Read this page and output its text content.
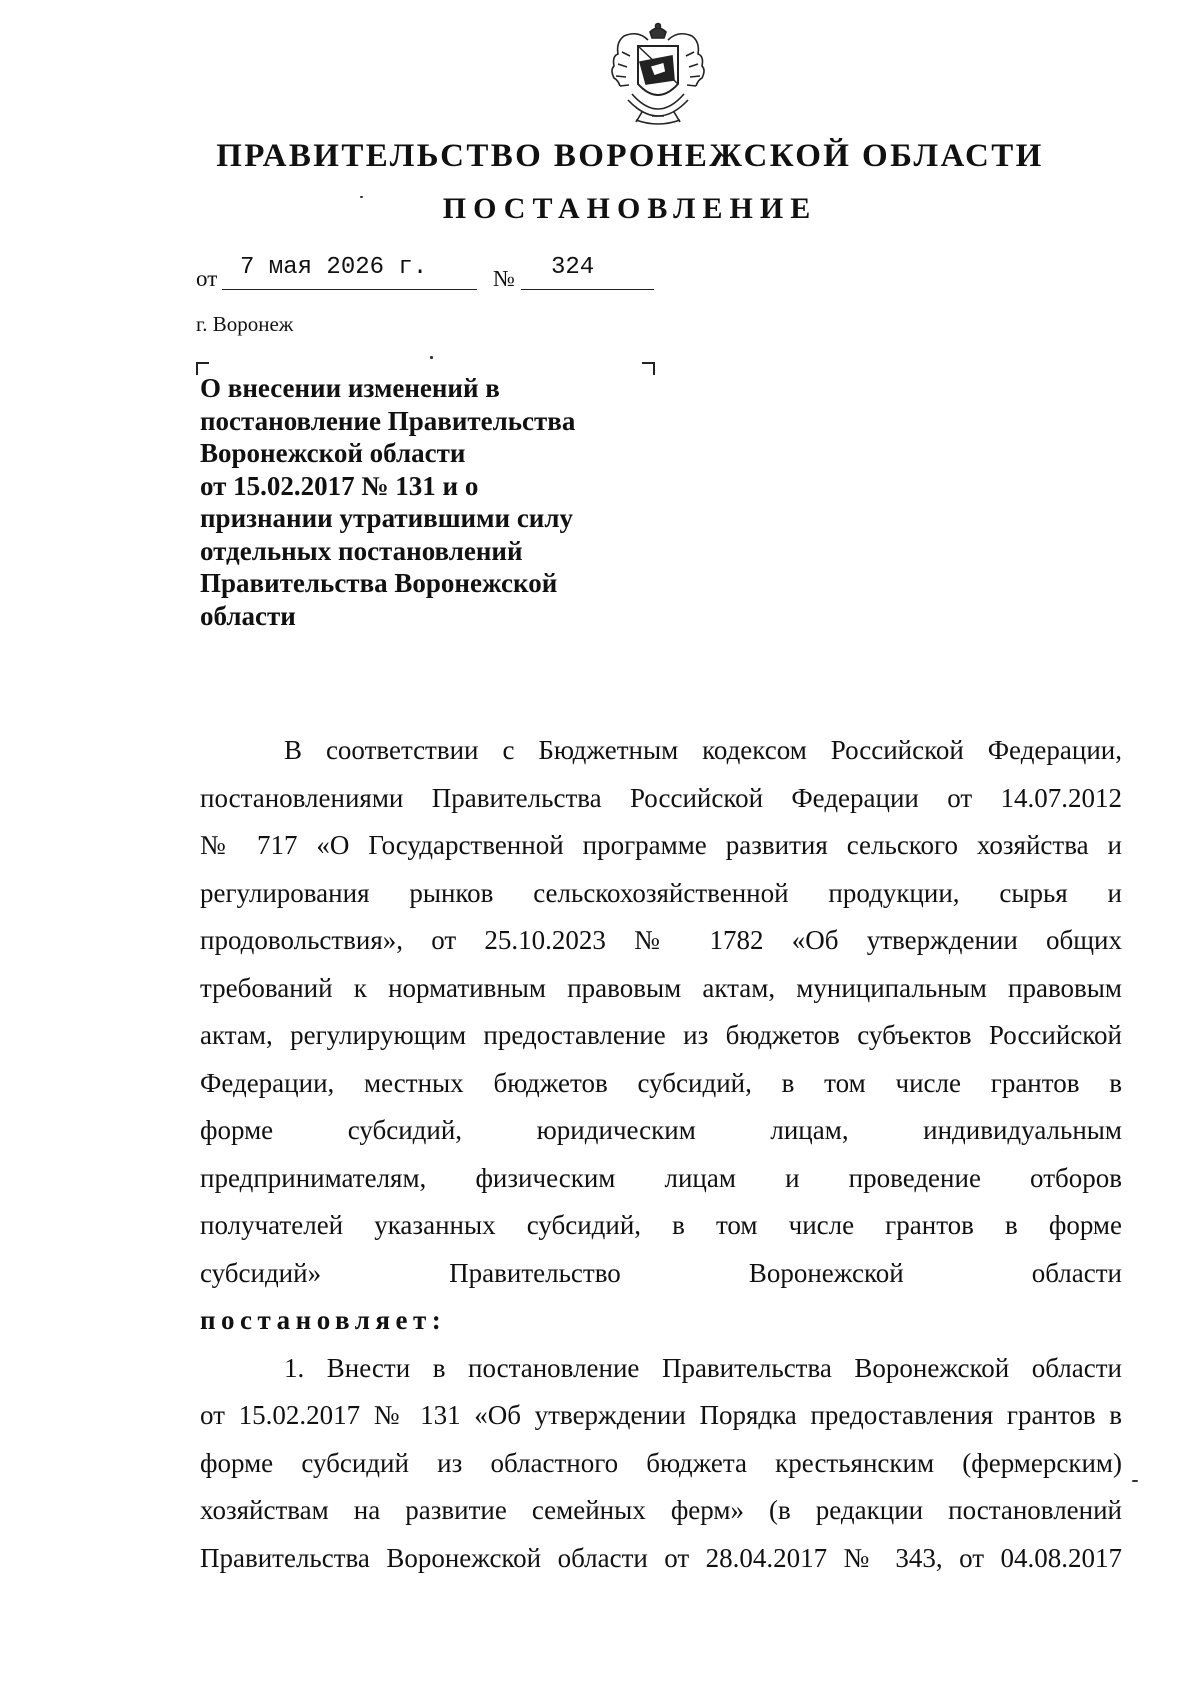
ПРАВИТЕЛЬСТВО ВОРОНЕЖСКОЙ ОБЛАСТИ
ПОСТАНОВЛЕНИЕ
от 7 мая 2026 г.	№ 324
г. Воронеж
О внесении изменений в
постановление Правительства
Воронежской области
от 15.02.2017 № 131 и о
признании утратившими силу
отдельных постановлений
Правительства Воронежской
области
В соответствии с Бюджетным кодексом Российской Федерации,
постановлениями Правительства Российской Федерации от 14.07.2012
№ 717 «О Государственной программе развития сельского хозяйства и
регулирования рынков сельскохозяйственной продукции, сырья и
продовольствия», от 25.10.2023 № 1782 «Об утверждении общих
требований к нормативным правовым актам, муниципальным правовым
актам, регулирующим предоставление из бюджетов субъектов Российской
Федерации, местных бюджетов субсидий, в том числе грантов в
форме субсидий, юридическим лицам, индивидуальным
предпринимателям, физическим лицам и проведение отборов
получателей указанных субсидий, в том числе грантов в форме
субсидий» Правительство Воронежской области
постановляет:
1. Внести в постановление Правительства Воронежской области
от 15.02.2017 № 131 «Об утверждении Порядка предоставления грантов в
форме субсидий из областного бюджета крестьянским (фермерским)
хозяйствам на развитие семейных ферм» (в редакции постановлений
Правительства Воронежской области от 28.04.2017 № 343, от 04.08.2017
